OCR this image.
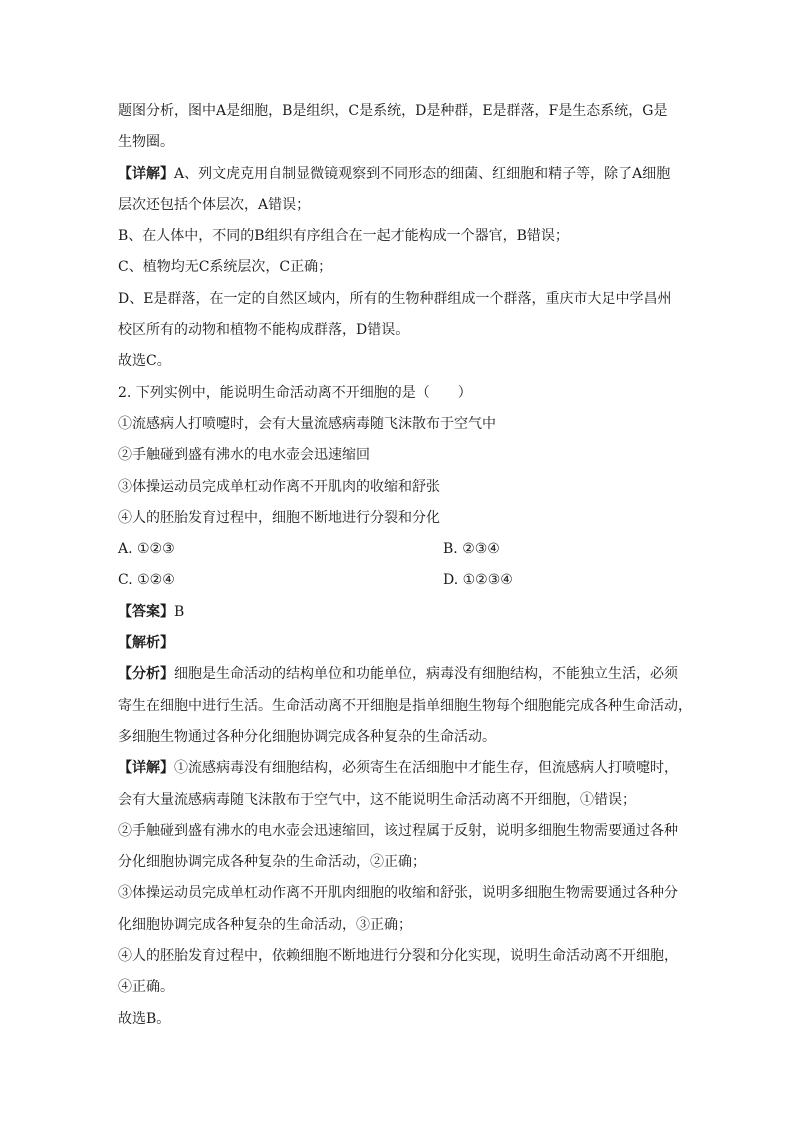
题图分析，图中A是细胞，B是组织，C是系统，D是种群，E是群落，F是生态系统，G是
生物圈。
【详解】A、列文虎克用自制显微镜观察到不同形态的细菌、红细胞和精子等，除了A细胞
层次还包括个体层次，A错误；
B、在人体中，不同的B组织有序组合在一起才能构成一个器官，B错误；
C、植物均无C系统层次，C正确；
D、E是群落，在一定的自然区域内，所有的生物种群组成一个群落，重庆市大足中学昌州
校区所有的动物和植物不能构成群落，D错误。
故选C。
2. 下列实例中，能说明生命活动离不开细胞的是（　　）
①流感病人打喷嚏时，会有大量流感病毒随飞沫散布于空气中
②手触碰到盛有沸水的电水壶会迅速缩回
③体操运动员完成单杠动作离不开肌肉的收缩和舒张
④人的胚胎发育过程中，细胞不断地进行分裂和分化
A. ①②③	B. ②③④
C. ①②④	D. ①②③④
【答案】B
【解析】
【分析】细胞是生命活动的结构单位和功能单位，病毒没有细胞结构，不能独立生活，必须
寄生在细胞中进行生活。生命活动离不开细胞是指单细胞生物每个细胞能完成各种生命活动，
多细胞生物通过各种分化细胞协调完成各种复杂的生命活动。
【详解】①流感病毒没有细胞结构，必须寄生在活细胞中才能生存，但流感病人打喷嚏时，
会有大量流感病毒随飞沫散布于空气中，这不能说明生命活动离不开细胞，①错误；
②手触碰到盛有沸水的电水壶会迅速缩回，该过程属于反射，说明多细胞生物需要通过各种
分化细胞协调完成各种复杂的生命活动，②正确；
③体操运动员完成单杠动作离不开肌肉细胞的收缩和舒张，说明多细胞生物需要通过各种分
化细胞协调完成各种复杂的生命活动，③正确；
④人的胚胎发育过程中，依赖细胞不断地进行分裂和分化实现，说明生命活动离不开细胞，
④正确。
故选B。
